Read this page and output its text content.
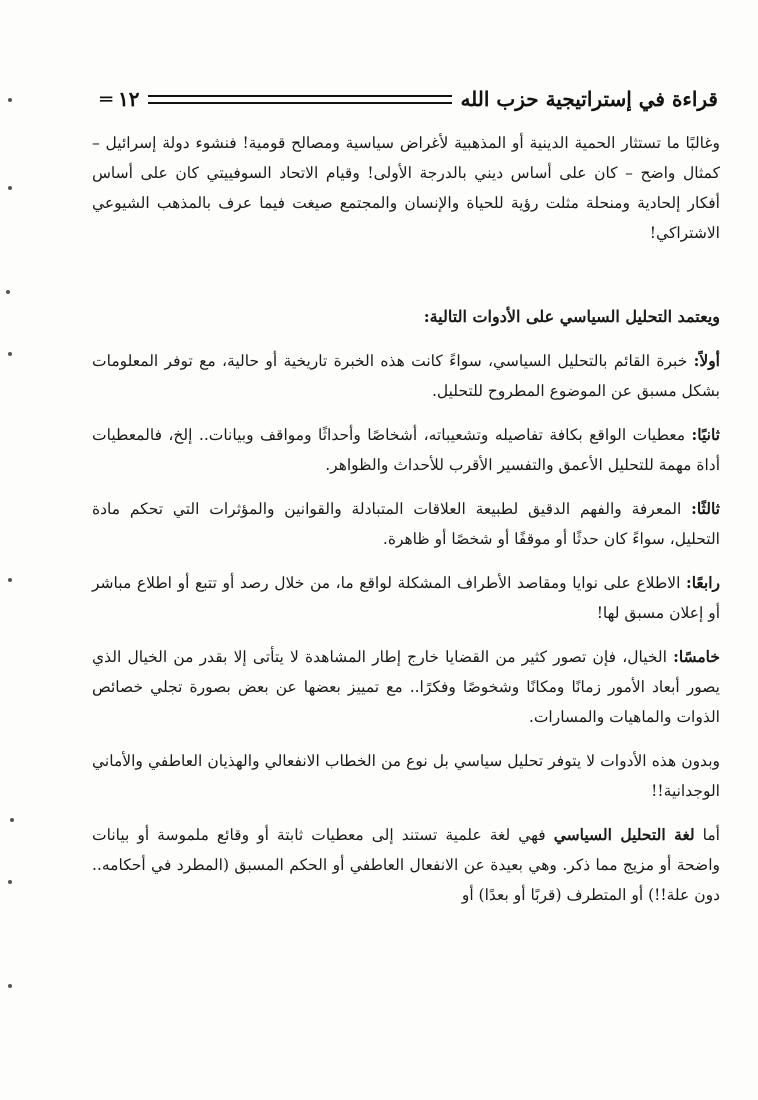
قراءة في إستراتيجية حزب الله
١٢
═

وغالبًا ما تستثار الحمية الدينية أو المذهبية لأغراض سياسية ومصالح قومية! فنشوء دولة إسرائيل – كمثال واضح – كان على أساس ديني بالدرجة الأولى! وقيام الاتحاد السوفييتي كان على أساس أفكار إلحادية ومنحلة مثلت رؤية للحياة والإنسان والمجتمع صيغت فيما عرف بالمذهب الشيوعي الاشتراكي!

ويعتمد التحليل السياسي على الأدوات التالية:

أولاً: خبرة القائم بالتحليل السياسي، سواءً كانت هذه الخبرة تاريخية أو حالية، مع توفر المعلومات بشكل مسبق عن الموضوع المطروح للتحليل.

ثانيًا: معطيات الواقع بكافة تفاصيله وتشعيباته، أشخاصًا وأحداثًا ومواقف وبيانات.. إلخ، فالمعطيات أداة مهمة للتحليل الأعمق والتفسير الأقرب للأحداث والظواهر.

ثالثًا: المعرفة والفهم الدقيق لطبيعة العلاقات المتبادلة والقوانين والمؤثرات التي تحكم مادة التحليل، سواءً كان حدثًا أو موقفًا أو شخصًا أو ظاهرة.

رابعًا: الاطلاع على نوايا ومقاصد الأطراف المشكلة لواقع ما، من خلال رصد أو تتبع أو اطلاع مباشر أو إعلان مسبق لها!

خامسًا: الخيال، فإن تصور كثير من القضايا خارج إطار المشاهدة لا يتأتى إلا بقدر من الخيال الذي يصور أبعاد الأمور زمانًا ومكانًا وشخوصًا وفكرًا.. مع تمييز بعضها عن بعض بصورة تجلي خصائص الذوات والماهيات والمسارات.

وبدون هذه الأدوات لا يتوفر تحليل سياسي بل نوع من الخطاب الانفعالي والهذيان العاطفي والأماني الوجدانية!!

أما لغة التحليل السياسي فهي لغة علمية تستند إلى معطيات ثابتة أو وقائع ملموسة أو بيانات واضحة أو مزيج مما ذكر. وهي بعيدة عن الانفعال العاطفي أو الحكم المسبق (المطرد في أحكامه.. دون علة!!) أو المتطرف (قربًا أو بعدًا) أو
